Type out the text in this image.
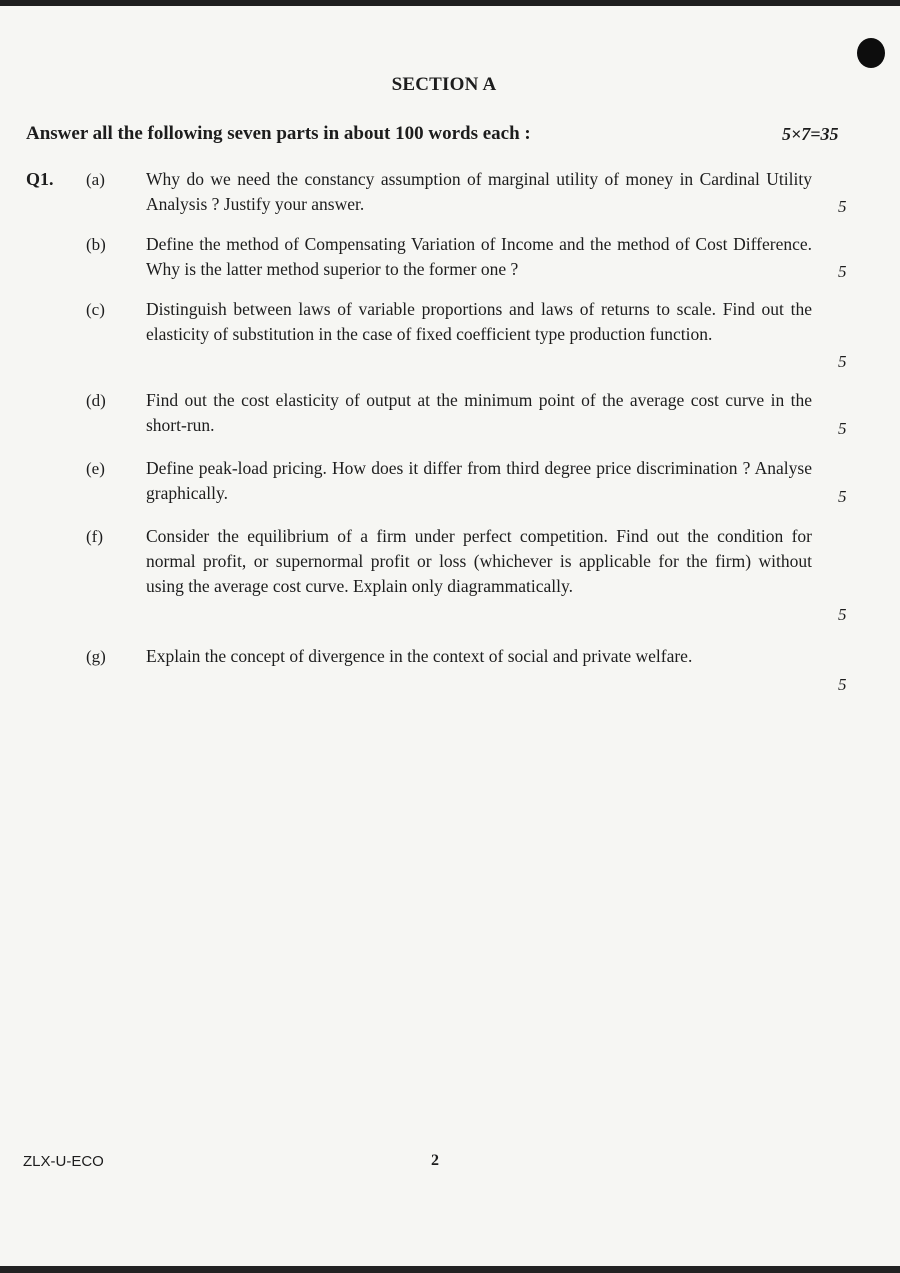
SECTION A
Answer all the following seven parts in about 100 words each :	5×7=35
Q1. (a) Why do we need the constancy assumption of marginal utility of money in Cardinal Utility Analysis ? Justify your answer.	5
(b) Define the method of Compensating Variation of Income and the method of Cost Difference. Why is the latter method superior to the former one ?	5
(c) Distinguish between laws of variable proportions and laws of returns to scale. Find out the elasticity of substitution in the case of fixed coefficient type production function.
5
(d) Find out the cost elasticity of output at the minimum point of the average cost curve in the short-run.	5
(e) Define peak-load pricing. How does it differ from third degree price discrimination ? Analyse graphically.	5
(f) Consider the equilibrium of a firm under perfect competition. Find out the condition for normal profit, or supernormal profit or loss (whichever is applicable for the firm) without using the average cost curve. Explain only diagrammatically.
5
(g) Explain the concept of divergence in the context of social and private welfare.
5
ZLX-U-ECO	2
